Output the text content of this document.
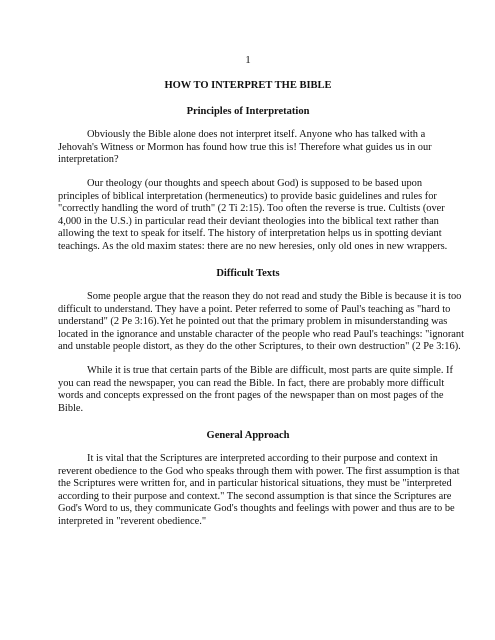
1
HOW TO INTERPRET THE BIBLE
Principles of Interpretation

Obviously the Bible alone does not interpret itself. Anyone who has talked with a
Jehovah's Witness or Mormon has found how true this is! Therefore what guides us in our
interpretation?

Our theology (our thoughts and speech about God) is supposed to be based upon
principles of biblical interpretation (hermeneutics) to provide basic guidelines and rules for
"correctly handling the word of truth" (2 Ti 2:15). Too often the reverse is true. Cultists (over
4,000 in the U.S.) in particular read their deviant theologies into the biblical text rather than
allowing the text to speak for itself. The history of interpretation helps us in spotting deviant
teachings. As the old maxim states: there are no new heresies, only old ones in new wrappers.

Difficult Texts

Some people argue that the reason they do not read and study the Bible is because it is too
difficult to understand. They have a point. Peter referred to some of Paul's teaching as "hard to
understand" (2 Pe 3:16).Yet he pointed out that the primary problem in misunderstanding was
located in the ignorance and unstable character of the people who read Paul's teachings: "ignorant
and unstable people distort, as they do the other Scriptures, to their own destruction" (2 Pe 3:16).

While it is true that certain parts of the Bible are difficult, most parts are quite simple. If
you can read the newspaper, you can read the Bible. In fact, there are probably more difficult
words and concepts expressed on the front pages of the newspaper than on most pages of the
Bible.

General Approach

It is vital that the Scriptures are interpreted according to their purpose and context in
reverent obedience to the God who speaks through them with power. The first assumption is that
the Scriptures were written for, and in particular historical situations, they must be "interpreted
according to their purpose and context." The second assumption is that since the Scriptures are
God's Word to us, they communicate God's thoughts and feelings with power and thus are to be
interpreted in "reverent obedience."
